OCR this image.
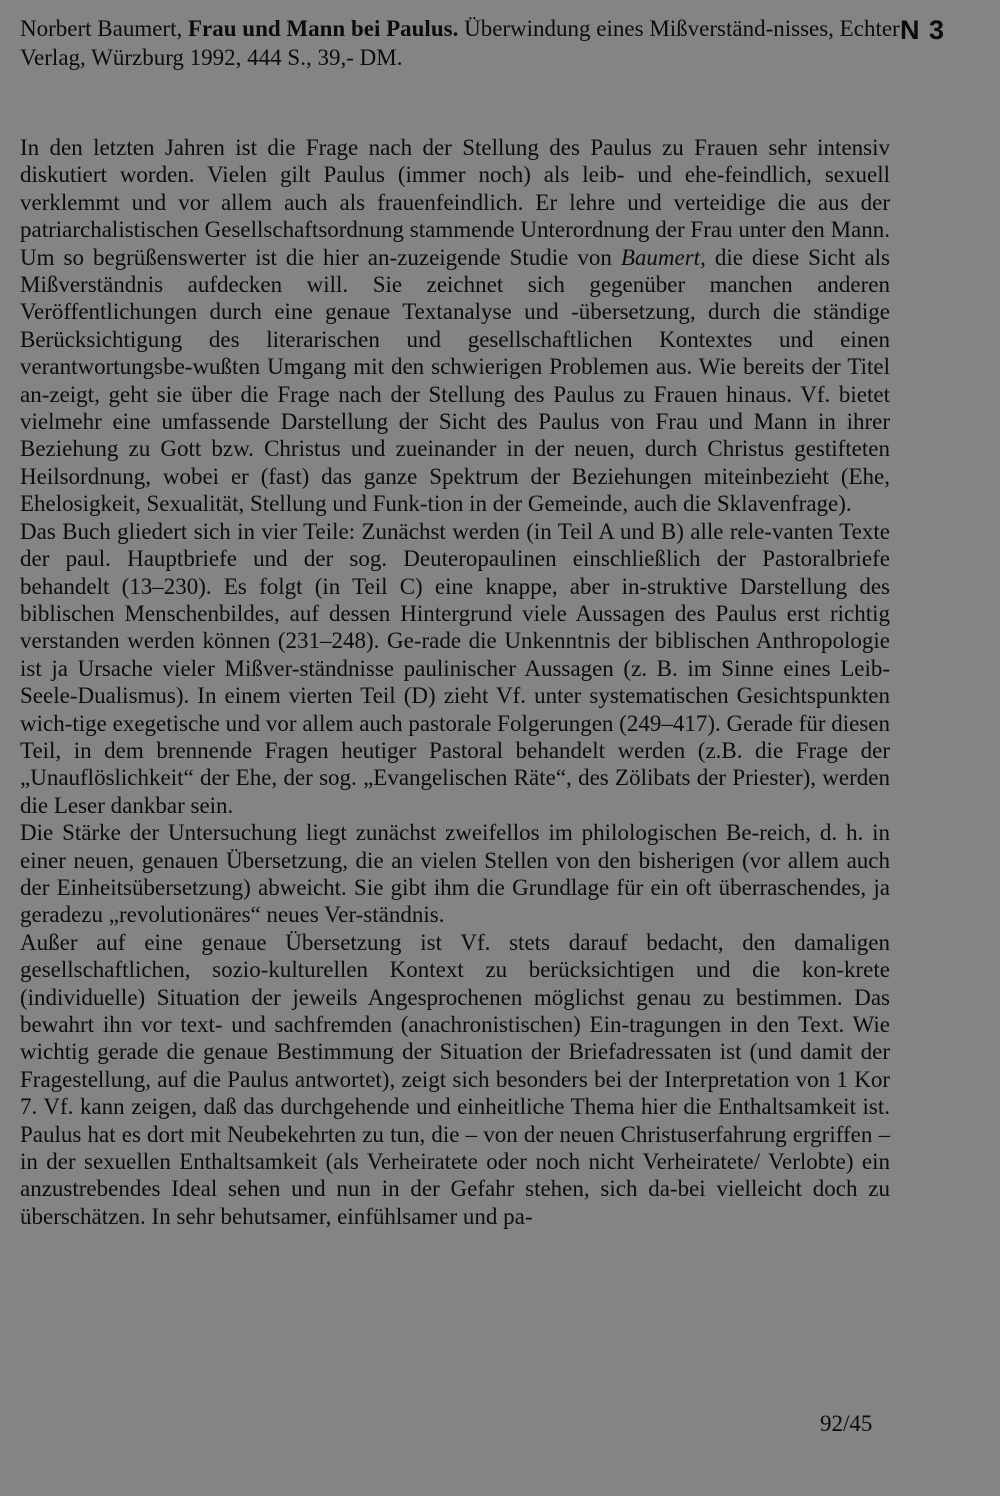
Norbert Baumert, Frau und Mann bei Paulus. Überwindung eines Mißverständ-nisses, Echter Verlag, Würzburg 1992, 444 S., 39,- DM.
N 3

In den letzten Jahren ist die Frage nach der Stellung des Paulus zu Frauen sehr intensiv diskutiert worden. Vielen gilt Paulus (immer noch) als leib- und ehe-feindlich, sexuell verklemmt und vor allem auch als frauenfeindlich. Er lehre und verteidige die aus der patriarchalistischen Gesellschaftsordnung stammende Unterordnung der Frau unter den Mann. Um so begrüßenswerter ist die hier an-zuzeigende Studie von Baumert, die diese Sicht als Mißverständnis aufdecken will. Sie zeichnet sich gegenüber manchen anderen Veröffentlichungen durch eine genaue Textanalyse und -übersetzung, durch die ständige Berücksichtigung des literarischen und gesellschaftlichen Kontextes und einen verantwortungsbe-wußten Umgang mit den schwierigen Problemen aus. Wie bereits der Titel an-zeigt, geht sie über die Frage nach der Stellung des Paulus zu Frauen hinaus. Vf. bietet vielmehr eine umfassende Darstellung der Sicht des Paulus von Frau und Mann in ihrer Beziehung zu Gott bzw. Christus und zueinander in der neuen, durch Christus gestifteten Heilsordnung, wobei er (fast) das ganze Spektrum der Beziehungen miteinbezieht (Ehe, Ehelosigkeit, Sexualität, Stellung und Funk-tion in der Gemeinde, auch die Sklavenfrage).

Das Buch gliedert sich in vier Teile: Zunächst werden (in Teil A und B) alle rele-vanten Texte der paul. Hauptbriefe und der sog. Deuteropaulinen einschließlich der Pastoralbriefe behandelt (13–230). Es folgt (in Teil C) eine knappe, aber in-struktive Darstellung des biblischen Menschenbildes, auf dessen Hintergrund viele Aussagen des Paulus erst richtig verstanden werden können (231–248). Ge-rade die Unkenntnis der biblischen Anthropologie ist ja Ursache vieler Mißver-ständnisse paulinischer Aussagen (z. B. im Sinne eines Leib-Seele-Dualismus). In einem vierten Teil (D) zieht Vf. unter systematischen Gesichtspunkten wich-tige exegetische und vor allem auch pastorale Folgerungen (249–417). Gerade für diesen Teil, in dem brennende Fragen heutiger Pastoral behandelt werden (z.B. die Frage der „Unauflöslichkeit“ der Ehe, der sog. „Evangelischen Räte“, des Zölibats der Priester), werden die Leser dankbar sein.

Die Stärke der Untersuchung liegt zunächst zweifellos im philologischen Be-reich, d. h. in einer neuen, genauen Übersetzung, die an vielen Stellen von den bisherigen (vor allem auch der Einheitsübersetzung) abweicht. Sie gibt ihm die Grundlage für ein oft überraschendes, ja geradezu „revolutionäres“ neues Ver-ständnis.

Außer auf eine genaue Übersetzung ist Vf. stets darauf bedacht, den damaligen gesellschaftlichen, sozio-kulturellen Kontext zu berücksichtigen und die kon-krete (individuelle) Situation der jeweils Angesprochenen möglichst genau zu bestimmen. Das bewahrt ihn vor text- und sachfremden (anachronistischen) Ein-tragungen in den Text. Wie wichtig gerade die genaue Bestimmung der Situation der Briefadressaten ist (und damit der Fragestellung, auf die Paulus antwortet), zeigt sich besonders bei der Interpretation von 1 Kor 7. Vf. kann zeigen, daß das durchgehende und einheitliche Thema hier die Enthaltsamkeit ist. Paulus hat es dort mit Neubekehrten zu tun, die – von der neuen Christuserfahrung ergriffen – in der sexuellen Enthaltsamkeit (als Verheiratete oder noch nicht Verheiratete/ Verlobte) ein anzustrebendes Ideal sehen und nun in der Gefahr stehen, sich da-bei vielleicht doch zu überschätzen. In sehr behutsamer, einfühlsamer und pa-

92/45
